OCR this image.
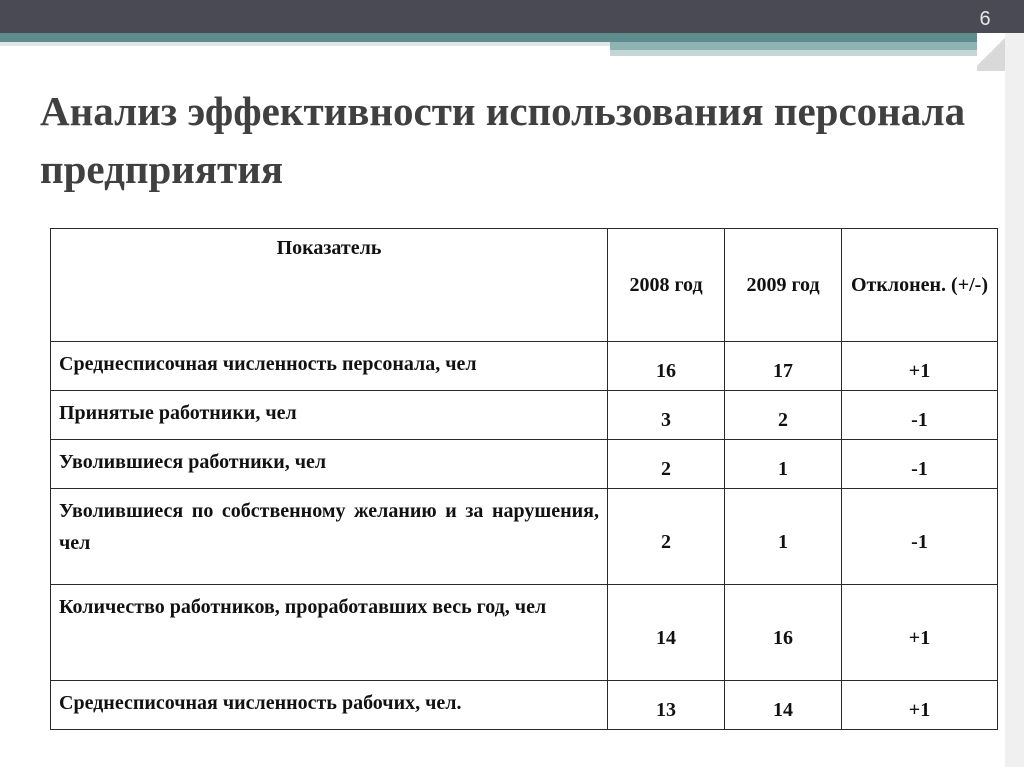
6
Анализ эффективности использования персонала предприятия
Показатель	2008 год	2009 год	Отклонен. (+/-)
Среднесписочная численность персонала, чел	16	17	+1
Принятые работники, чел	3	2	-1
Уволившиеся работники, чел	2	1	-1
Уволившиеся по собственному желанию и за нарушения, чел	2	1	-1
Количество работников, проработавших весь год, чел	14	16	+1
Среднесписочная численность рабочих, чел.	13	14	+1
